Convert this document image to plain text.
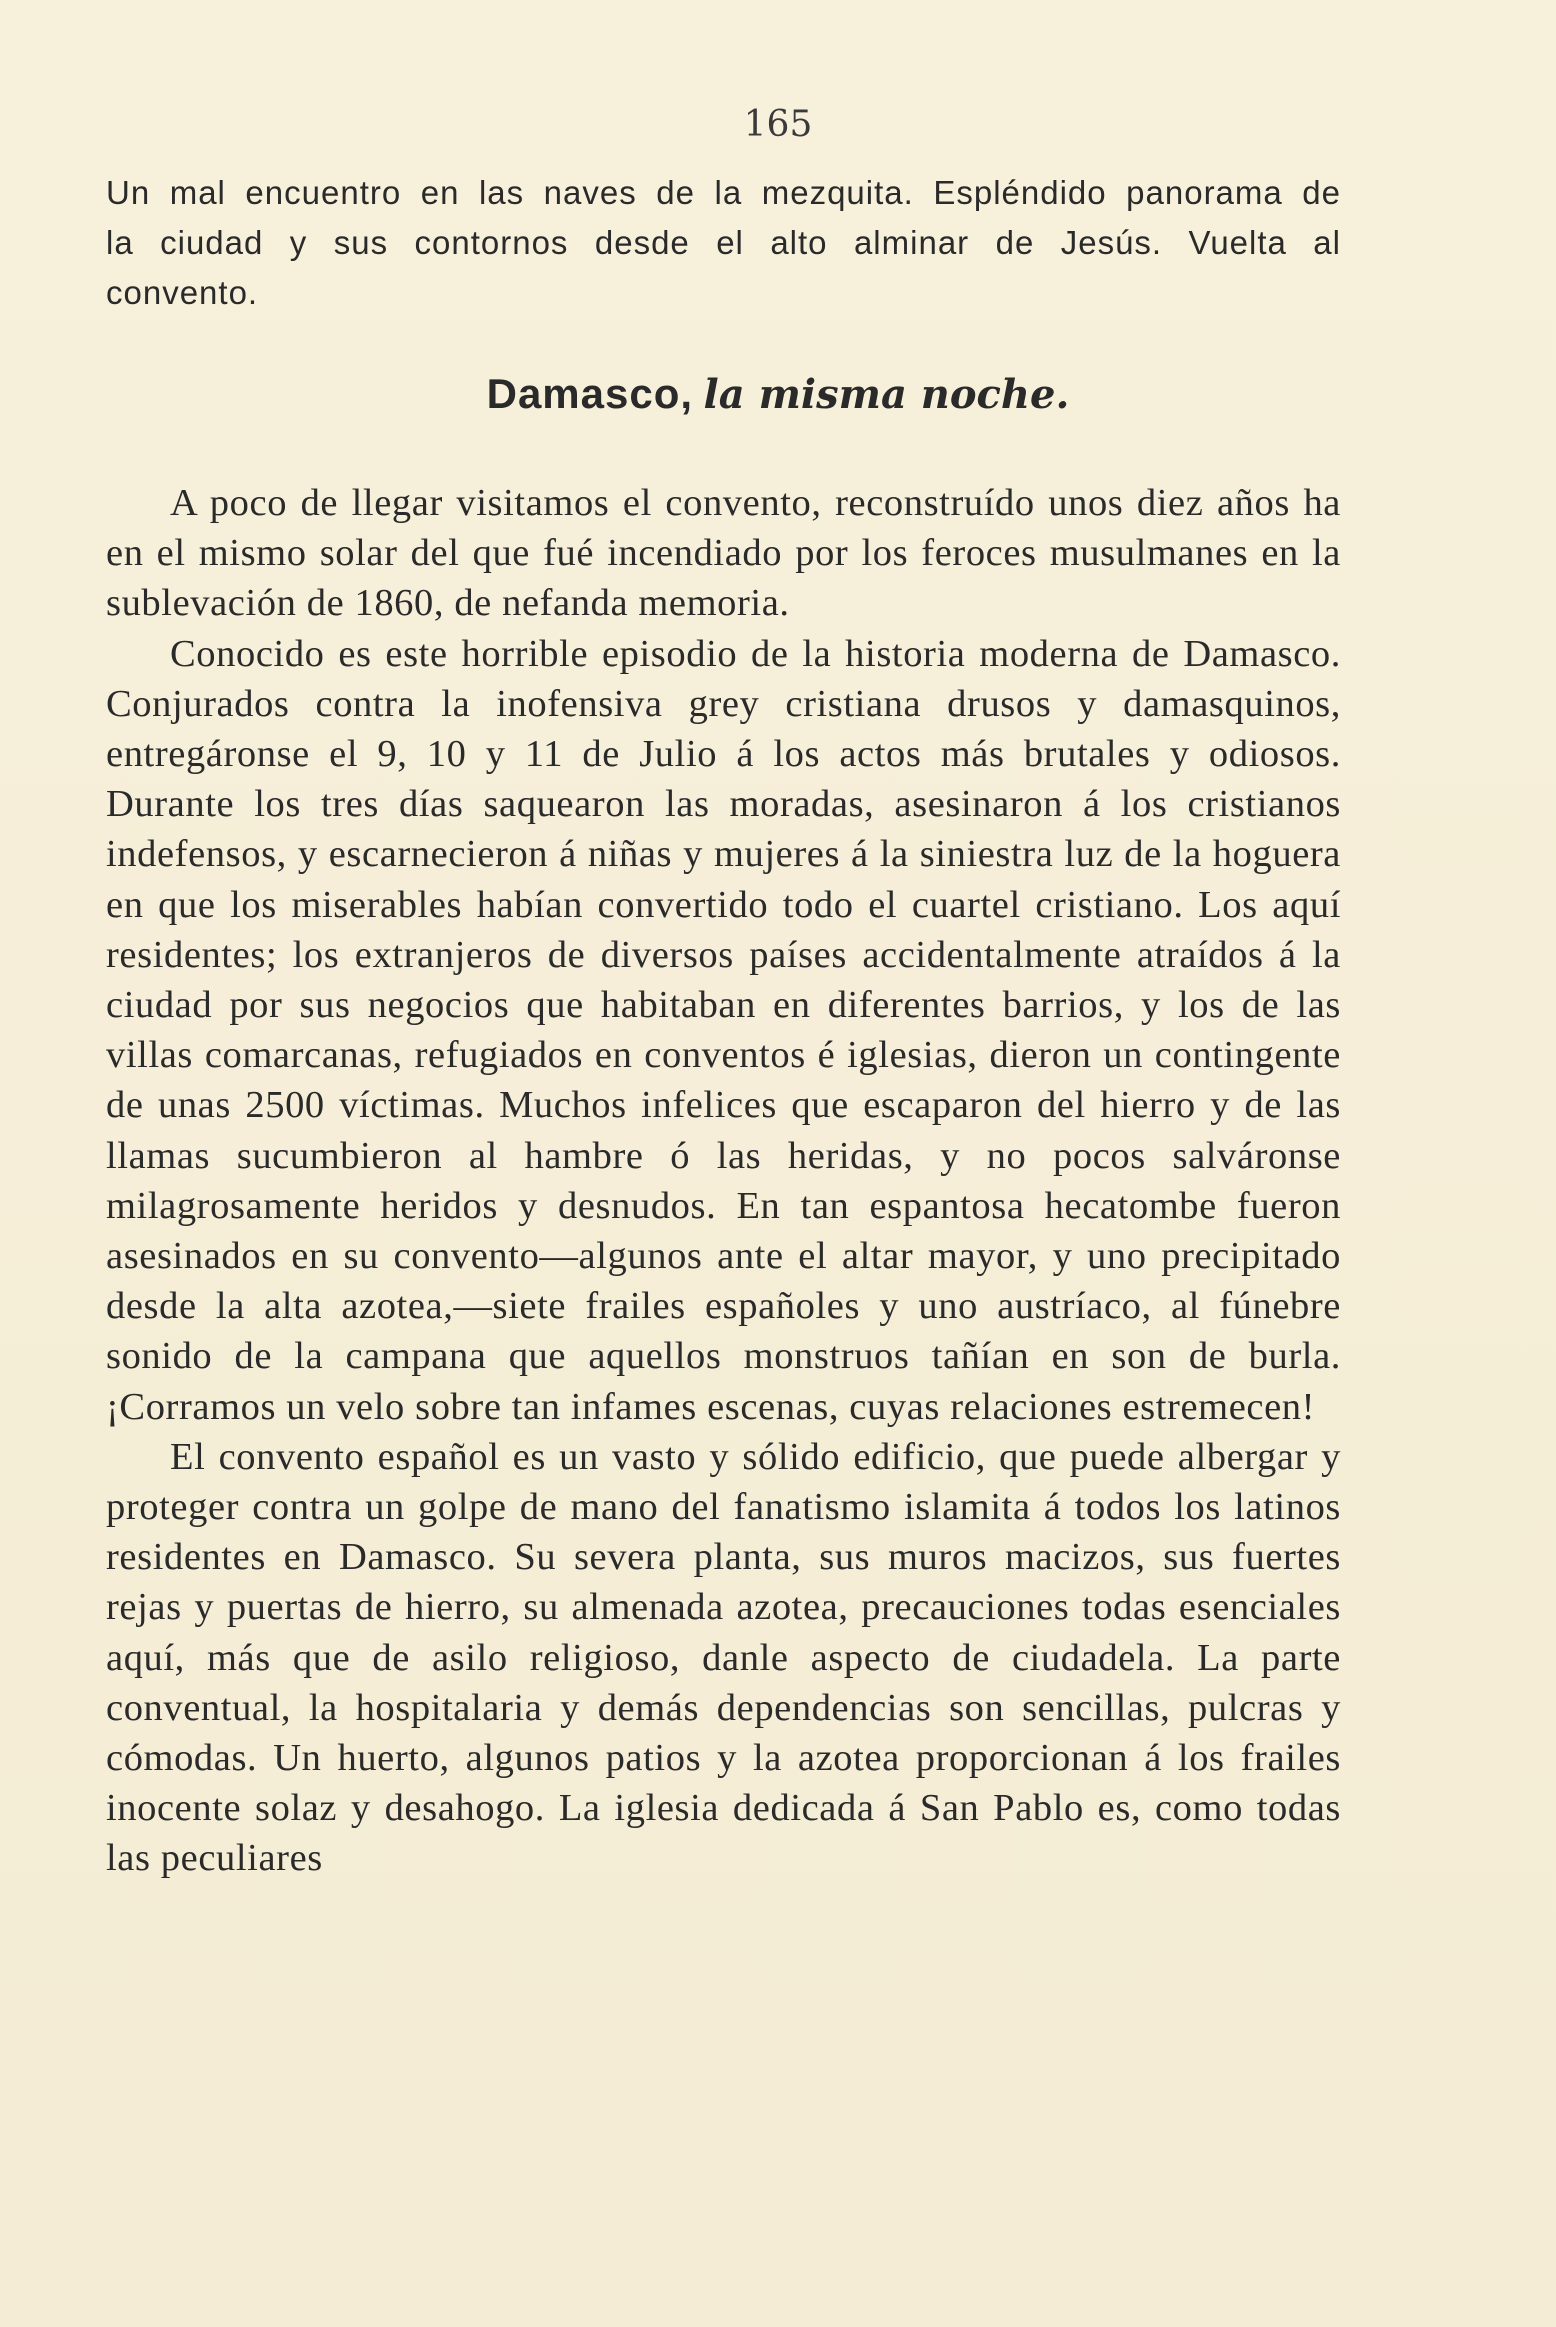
165

Un mal encuentro en las naves de la mezquita. Espléndido panorama de la ciudad y sus contornos desde el alto alminar de Jesús. Vuelta al convento.

Damasco, la misma noche.

A poco de llegar visitamos el convento, reconstruído unos diez años ha en el mismo solar del que fué incendiado por los feroces musulmanes en la sublevación de 1860, de nefanda memoria.

Conocido es este horrible episodio de la historia moderna de Damasco. Conjurados contra la inofensiva grey cristiana drusos y damasquinos, entregáronse el 9, 10 y 11 de Julio á los actos más brutales y odiosos. Durante los tres días saquearon las moradas, asesinaron á los cristianos indefensos, y escarnecieron á niñas y mujeres á la siniestra luz de la hoguera en que los miserables habían convertido todo el cuartel cristiano. Los aquí residentes; los extranjeros de diversos países accidentalmente atraídos á la ciudad por sus negocios que habitaban en diferentes barrios, y los de las villas comarcanas, refugiados en conventos é iglesias, dieron un contingente de unas 2500 víctimas. Muchos infelices que escaparon del hierro y de las llamas sucumbieron al hambre ó las heridas, y no pocos salváronse milagrosamente heridos y desnudos. En tan espantosa hecatombe fueron asesinados en su convento—algunos ante el altar mayor, y uno precipitado desde la alta azotea,—siete frailes españoles y uno austríaco, al fúnebre sonido de la campana que aquellos monstruos tañían en son de burla. ¡Corramos un velo sobre tan infames escenas, cuyas relaciones estremecen!

El convento español es un vasto y sólido edificio, que puede albergar y proteger contra un golpe de mano del fanatismo islamita á todos los latinos residentes en Damasco. Su severa planta, sus muros macizos, sus fuertes rejas y puertas de hierro, su almenada azotea, precauciones todas esenciales aquí, más que de asilo religioso, danle aspecto de ciudadela. La parte conventual, la hospitalaria y demás dependencias son sencillas, pulcras y cómodas. Un huerto, algunos patios y la azotea proporcionan á los frailes inocente solaz y desahogo. La iglesia dedicada á San Pablo es, como todas las peculiares
